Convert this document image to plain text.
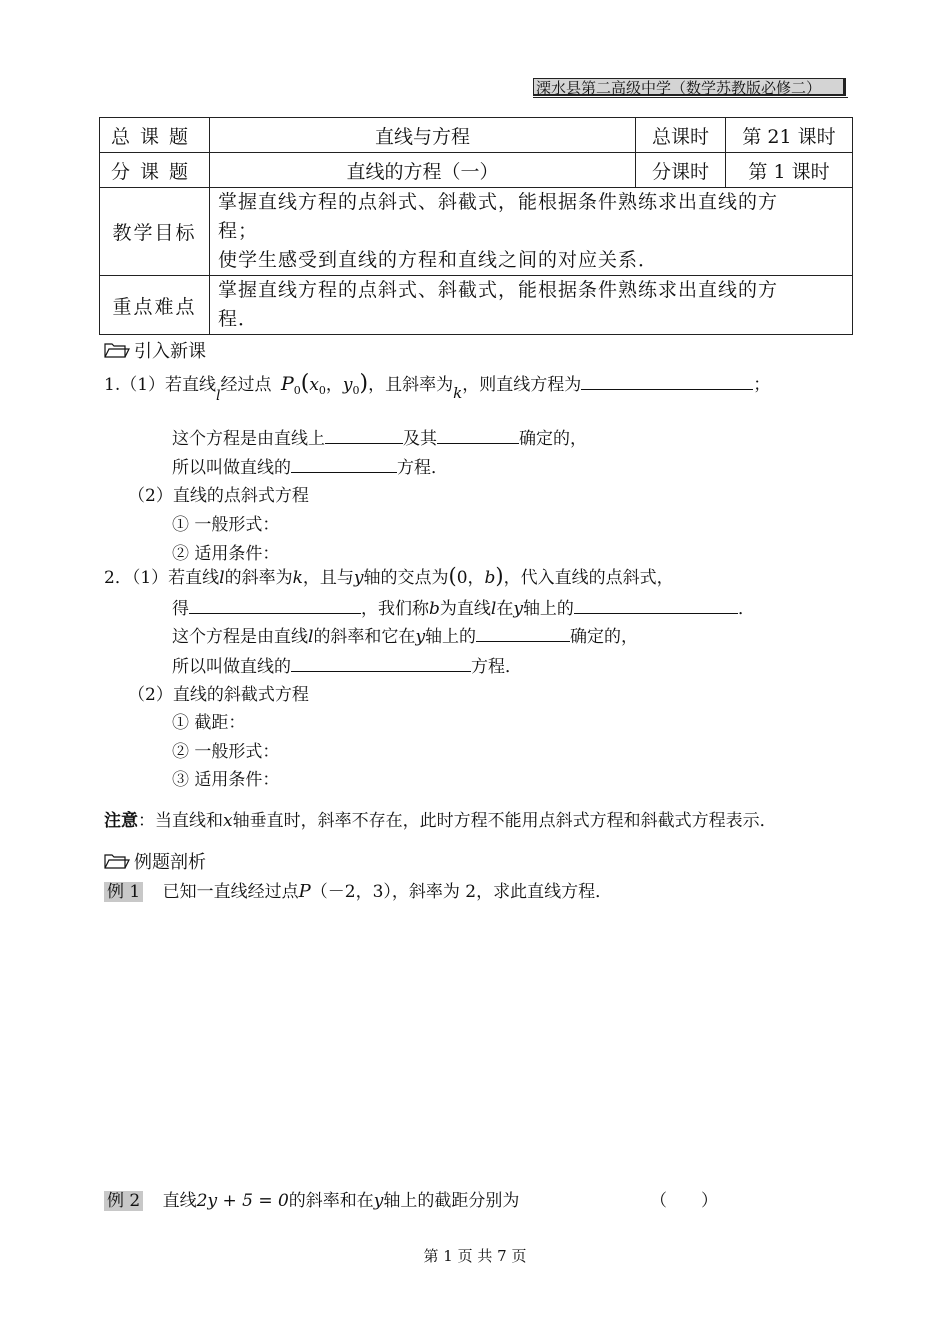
溧水县第二高级中学（数学苏教版必修二）
总课题	直线与方程	总课时	第 21 课时
分课题	直线的方程（一）	分课时	第 1 课时
教学目标	掌握直线方程的点斜式、斜截式，能根据条件熟练求出直线的方
程；
使学生感受到直线的方程和直线之间的对应关系．		

重点难点	掌握直线方程的点斜式、斜截式，能根据条件熟练求出直线的方
程．		
引入新课
1.（1）若直线$_l$经过点 $P_0(x_0$，$y_0$)，且斜率为k，则直线方程为	；
这个方程是由直线上	及其	确定的，
所以叫做直线的	方程．
（2）直线的点斜式方程
① 一般形式：
② 适用条件：
2．（1）若直线l的斜率为k，且与y轴的交点为(0，b)，代入直线的点斜式，
得	，我们称b为直线l在y轴上的	．
这个方程是由直线l的斜率和它在y轴上的	确定的，
所以叫做直线的	方程．
（2）直线的斜截式方程
① 截距：
② 一般形式：
③ 适用条件：
注意：当直线和x轴垂直时，斜率不存在，此时方程不能用点斜式方程和斜截式方程表示．
例题剖析
例 1 已知一直线经过点P（－2，3），斜率为 2，求此直线方程．
例 2 直线2y + 5 = 0的斜率和在y轴上的截距分别为	（　　）
第 1 页 共 7 页
